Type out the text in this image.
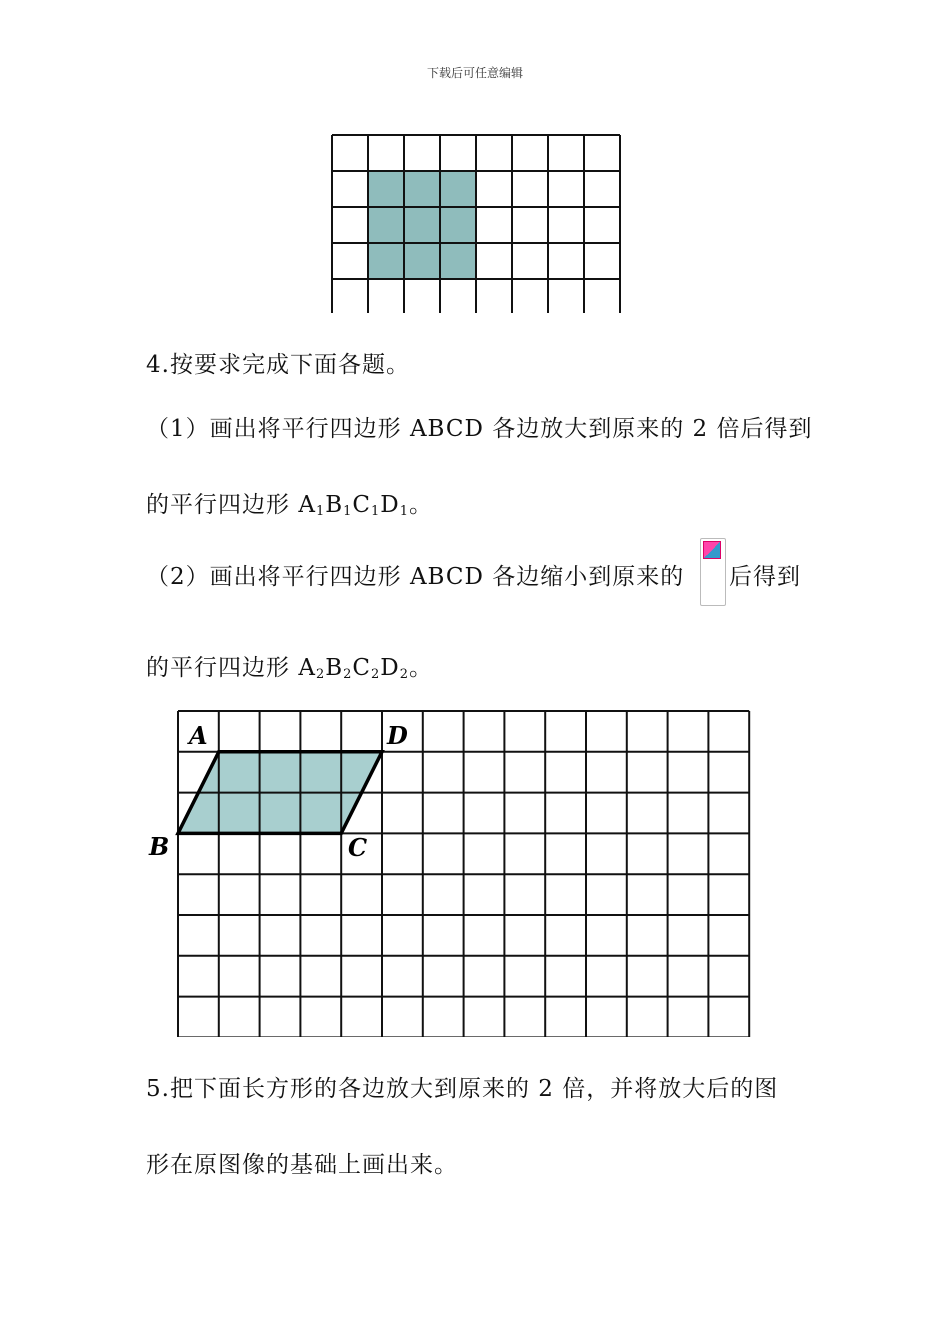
下载后可任意编辑
4.按要求完成下面各题。
（1）画出将平行四边形 ABCD 各边放大到原来的 2 倍后得到
的平行四边形 $A_1B_1C_1D_1$。
（2）画出将平行四边形 ABCD 各边缩小到原来的 后得到
的平行四边形 $A_2B_2C_2D_2$。
A	D
B	C
5.把下面长方形的各边放大到原来的 2 倍，并将放大后的图
形在原图像的基础上画出来。
